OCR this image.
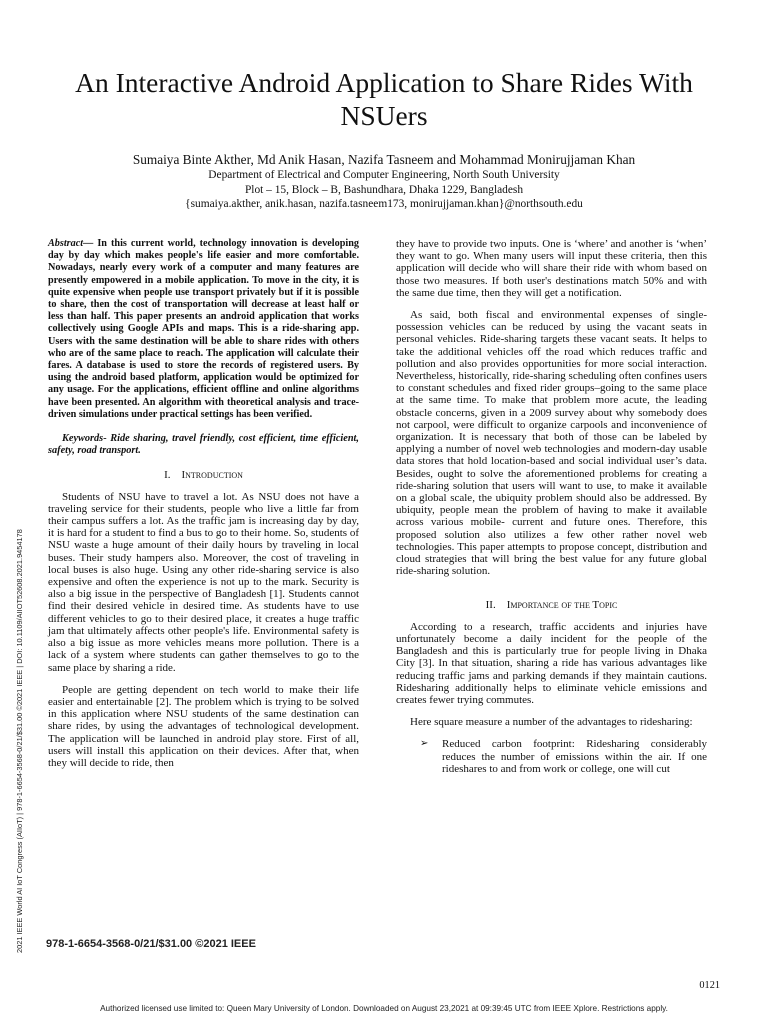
An Interactive Android Application to Share Rides With NSUers
Sumaiya Binte Akther, Md Anik Hasan, Nazifa Tasneem and Mohammad Monirujjaman Khan
Department of Electrical and Computer Engineering, North South University
Plot – 15, Block – B, Bashundhara, Dhaka 1229, Bangladesh
{sumaiya.akther, anik.hasan, nazifa.tasneem173, monirujjaman.khan}@northsouth.edu
2021 IEEE World AI IoT Congress (AIIoT) | 978-1-6654-3568-0/21/$31.00 ©2021 IEEE | DOI: 10.1109/AIIOT52608.2021.9454178

Abstract— In this current world, technology innovation is developing day by day which makes people's life easier and more comfortable. Nowadays, nearly every work of a computer and many features are presently empowered in a mobile application. To move in the city, it is quite expensive when people use transport privately but if it is possible to share, then the cost of transportation will decrease at least half or less than half. This paper presents an android application that works collectively using Google APIs and maps. This is a ride-sharing app. Users with the same destination will be able to share rides with others who are of the same place to reach. The application will calculate their fares. A database is used to store the records of registered users. By using the android based platform, application would be optimized for any usage. For the applications, efficient offline and online algorithms have been presented. An algorithm with theoretical analysis and trace-driven simulations under practical settings has been verified.

Keywords- Ride sharing, travel friendly, cost efficient, time efficient, safety, road transport.

I. Introduction

Students of NSU have to travel a lot. As NSU does not have a traveling service for their students, people who live a little far from their campus suffers a lot. As the traffic jam is increasing day by day, it is hard for a student to find a bus to go to their home. So, students of NSU waste a huge amount of their daily hours by traveling in local buses. Their study hampers also. Moreover, the cost of traveling in local buses is also huge. Using any other ride-sharing service is also expensive and often the experience is not up to the mark. Security is also a big issue in the perspective of Bangladesh [1]. Students cannot find their desired vehicle in desired time. As students have to use different vehicles to go to their desired place, it creates a huge traffic jam that ultimately affects other people's life. Environmental safety is also a big issue as more vehicles means more pollution. There is a lack of a system where students can gather themselves to go to the same place by sharing a ride.

People are getting dependent on tech world to make their life easier and entertainable [2]. The problem which is trying to be solved in this application where NSU students of the same destination can share rides, by using the advantages of technological development. The application will be launched in android play store. First of all, users will install this application on their devices. After that, when they will decide to ride, then

they have to provide two inputs. One is ‘where’ and another is ‘when’ they want to go. When many users will input these criteria, then this application will decide who will share their ride with whom based on those two measures. If both user's destinations match 50% and with the same due time, then they will get a notification.

As said, both fiscal and environmental expenses of single-possession vehicles can be reduced by using the vacant seats in personal vehicles. Ride-sharing targets these vacant seats. It helps to take the additional vehicles off the road which reduces traffic and pollution and also provides opportunities for more social interaction. Nevertheless, historically, ride-sharing scheduling often confines users to constant schedules and fixed rider groups–going to the same place at the same time. To make that problem more acute, the leading obstacle concerns, given in a 2009 survey about why somebody does not carpool, were difficult to organize carpools and inconvenience of organization. It is necessary that both of those can be labeled by applying a number of novel web technologies and modern-day usable data stores that hold location-based and social individual user’s data. Besides, ought to solve the aforementioned problems for creating a ride-sharing solution that users will want to use, to make it available on a global scale, the ubiquity problem should also be addressed. By ubiquity, people mean the problem of having to make it available across various mobile- current and future ones. Therefore, this proposed solution also utilizes a few other rather novel web technologies. This paper attempts to propose concept, distribution and cloud strategies that will bring the best value for any future global ride-sharing solution.

II. Importance of the Topic

According to a research, traffic accidents and injuries have unfortunately become a daily incident for the people of the Bangladesh and this is particularly true for people living in Dhaka City [3]. In that situation, sharing a ride has various advantages like reducing traffic jams and parking demands if they maintain cautions. Ridesharing additionally helps to eliminate vehicle emissions and creates fewer trying commutes.

Here square measure a number of the advantages to ridesharing:

➢	Reduced carbon footprint: Ridesharing considerably reduces the number of emissions within the air. If one rideshares to and from work or college, one will cut
978-1-6654-3568-0/21/$31.00 ©2021 IEEE
0121
Authorized licensed use limited to: Queen Mary University of London. Downloaded on August 23,2021 at 09:39:45 UTC from IEEE Xplore. Restrictions apply.
